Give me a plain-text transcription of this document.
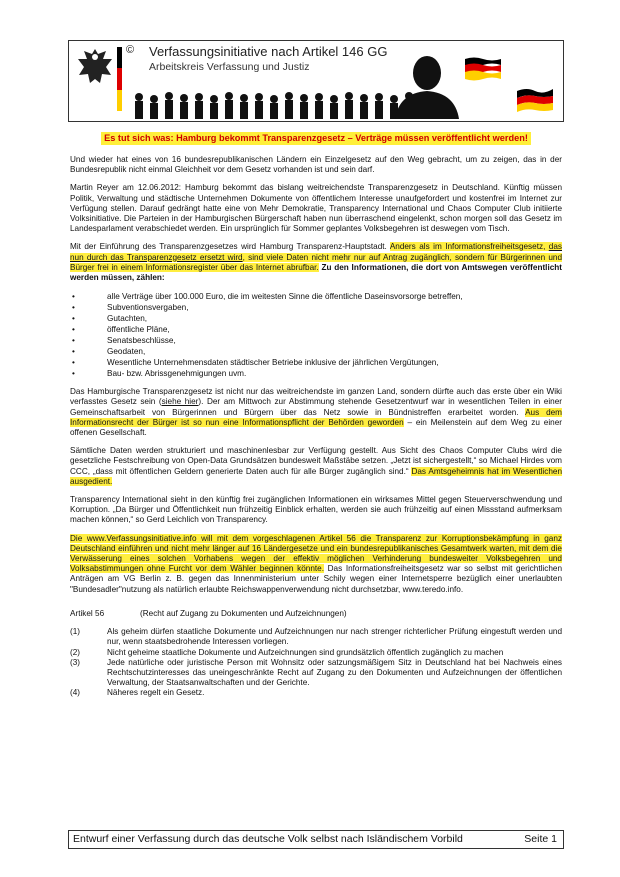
© Verfassungsinitiative nach Artikel 146 GG
Arbeitskreis Verfassung und Justiz
Es tut sich was: Hamburg bekommt Transparenzgesetz – Verträge müssen veröffentlicht werden!

Und wieder hat eines von 16 bundesrepublikanischen Ländern ein Einzelgesetz auf den Weg gebracht, um zu zeigen, das in der Bundesrepublik nicht einmal Gleichheit vor dem Gesetz vorhanden ist und sein darf.

Martin Reyer am 12.06.2012: Hamburg bekommt das bislang weitreichendste Transparenzgesetz in Deutschland. Künftig müssen Politik, Verwaltung und städtische Unternehmen Dokumente von öffentlichem Interesse unaufgefordert und kostenfrei im Internet zur Verfügung stellen. Darauf gedrängt hatte eine von Mehr Demokratie, Transparency International und Chaos Computer Club initiierte Volksinitiative. Die Parteien in der Hamburgischen Bürgerschaft haben nun überraschend eingelenkt, schon morgen soll das Gesetz im Landesparlament verabschiedet werden. Ein ursprünglich für Sommer geplantes Volksbegehren ist deswegen vom Tisch.

Mit der Einführung des Transparenzgesetzes wird Hamburg Transparenz-Hauptstadt. Anders als im Informationsfreiheitsgesetz, das nun durch das Transparenzgesetz ersetzt wird, sind viele Daten nicht mehr nur auf Antrag zugänglich, sondern für Bürgerinnen und Bürger frei in einem Informationsregister über das Internet abrufbar. Zu den Informationen, die dort von Amtswegen veröffentlicht werden müssen, zählen:

• alle Verträge über 100.000 Euro, die im weitesten Sinne die öffentliche Daseinsvorsorge betreffen,
• Subventionsvergaben,
• Gutachten,
• öffentliche Pläne,
• Senatsbeschlüsse,
• Geodaten,
• Wesentliche Unternehmensdaten städtischer Betriebe inklusive der jährlichen Vergütungen,
• Bau- bzw. Abrissgenehmigungen uvm.

Das Hamburgische Transparenzgesetz ist nicht nur das weitreichendste im ganzen Land, sondern dürfte auch das erste über ein Wiki verfasstes Gesetz sein (siehe hier). Der am Mittwoch zur Abstimmung stehende Gesetzentwurf war in wesentlichen Teilen in einer Gemeinschaftsarbeit von Bürgerinnen und Bürgern über das Netz sowie in Bündnistreffen erarbeitet worden. Aus dem Informationsrecht der Bürger ist so nun eine Informationspflicht der Behörden geworden – ein Meilenstein auf dem Weg zu einer offenen Gesellschaft.

Sämtliche Daten werden strukturiert und maschinenlesbar zur Verfügung gestellt. Aus Sicht des Chaos Computer Clubs wird die gesetzliche Festschreibung von Open-Data Grundsätzen bundesweit Maßstäbe setzen. „Jetzt ist sichergestellt,“ so Michael Hirdes vom CCC, „dass mit öffentlichen Geldern generierte Daten auch für alle Bürger zugänglich sind.“ Das Amtsgeheimnis hat im Wesentlichen ausgedient.

Transparency International sieht in den künftig frei zugänglichen Informationen ein wirksames Mittel gegen Steuerverschwendung und Korruption. „Da Bürger und Öffentlichkeit nun frühzeitig Einblick erhalten, werden sie auch frühzeitig auf einen Missstand aufmerksam machen können,“ so Gerd Leichlich von Transparency.

Die www.Verfassungsinitiative.info will mit dem vorgeschlagenen Artikel 56 die Transparenz zur Korruptionsbekämpfung in ganz Deutschland einführen und nicht mehr länger auf 16 Ländergesetze und ein bundesrepublikanisches Gesamtwerk warten, mit dem die Verwässerung eines solchen Vorhabens wegen der effektiv möglichen Verhinderung bundesweiter Volksbegehren und Volksabstimmungen ohne Furcht vor dem Wähler beginnen könnte. Das Informationsfreiheitsgesetz war so selbst mit gerichtlichen Anträgen am VG Berlin z. B. gegen das Innenministerium unter Schily wegen einer Internetsperre bezüglich einer unerlaubten "Bundesadler"nutzung als natürlich erlaubte Reichswappenverwendung nicht durchsetzbar, www.teredo.info.

Artikel 56	(Recht auf Zugang zu Dokumenten und Aufzeichnungen)
(1)	Als geheim dürfen staatliche Dokumente und Aufzeichnungen nur nach strenger richterlicher Prüfung eingestuft werden und nur, wenn staatsbedrohende Interessen vorliegen.
(2)	Nicht geheime staatliche Dokumente und Aufzeichnungen sind grundsätzlich öffentlich zugänglich zu machen
(3)	Jede natürliche oder juristische Person mit Wohnsitz oder satzungsmäßigem Sitz in Deutschland hat bei Nachweis eines Rechtschutzinteresses das uneingeschränkte Recht auf Zugang zu den Dokumenten und Aufzeichnungen der öffentlichen Verwaltung, der Staatsanwaltschaften und der Gerichte.
(4)	Näheres regelt ein Gesetz.
Entwurf einer Verfassung durch das deutsche Volk selbst nach Isländischem Vorbild	Seite 1
